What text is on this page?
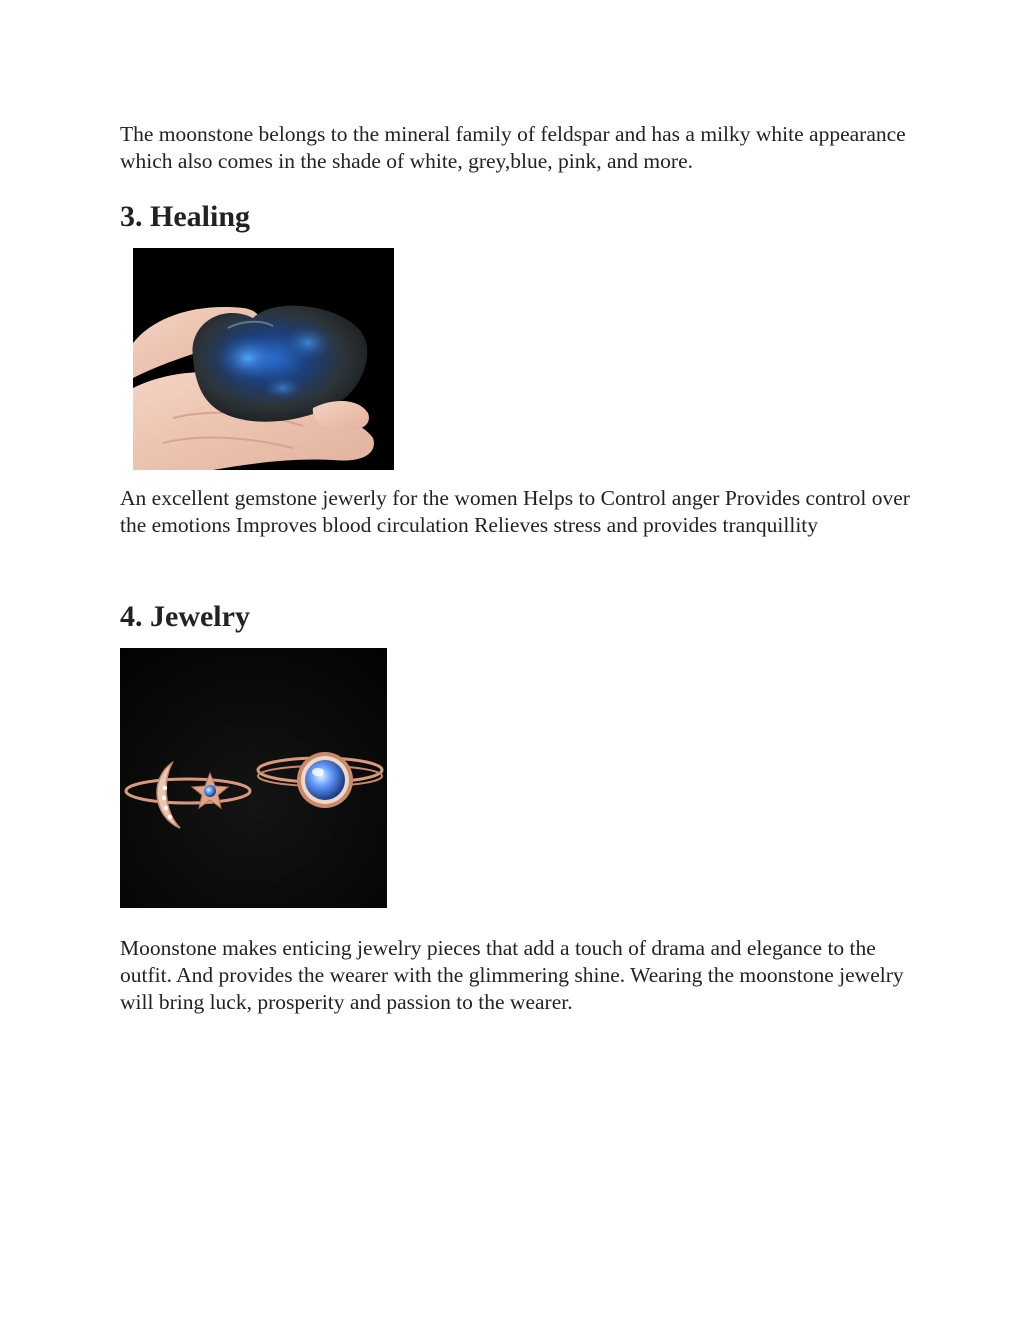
The moonstone belongs to the mineral family of feldspar and has a milky white appearance which also comes in the shade of white, grey,blue, pink, and more.

3. Healing

An excellent gemstone jewerly for the women Helps to Control anger Provides control over the emotions Improves blood circulation Relieves stress and provides tranquillity

4. Jewelry

Moonstone makes enticing jewelry pieces that add a touch of drama and elegance to the outfit. And provides the wearer with the glimmering shine. Wearing the moonstone jewelry will bring luck, prosperity and passion to the wearer.
